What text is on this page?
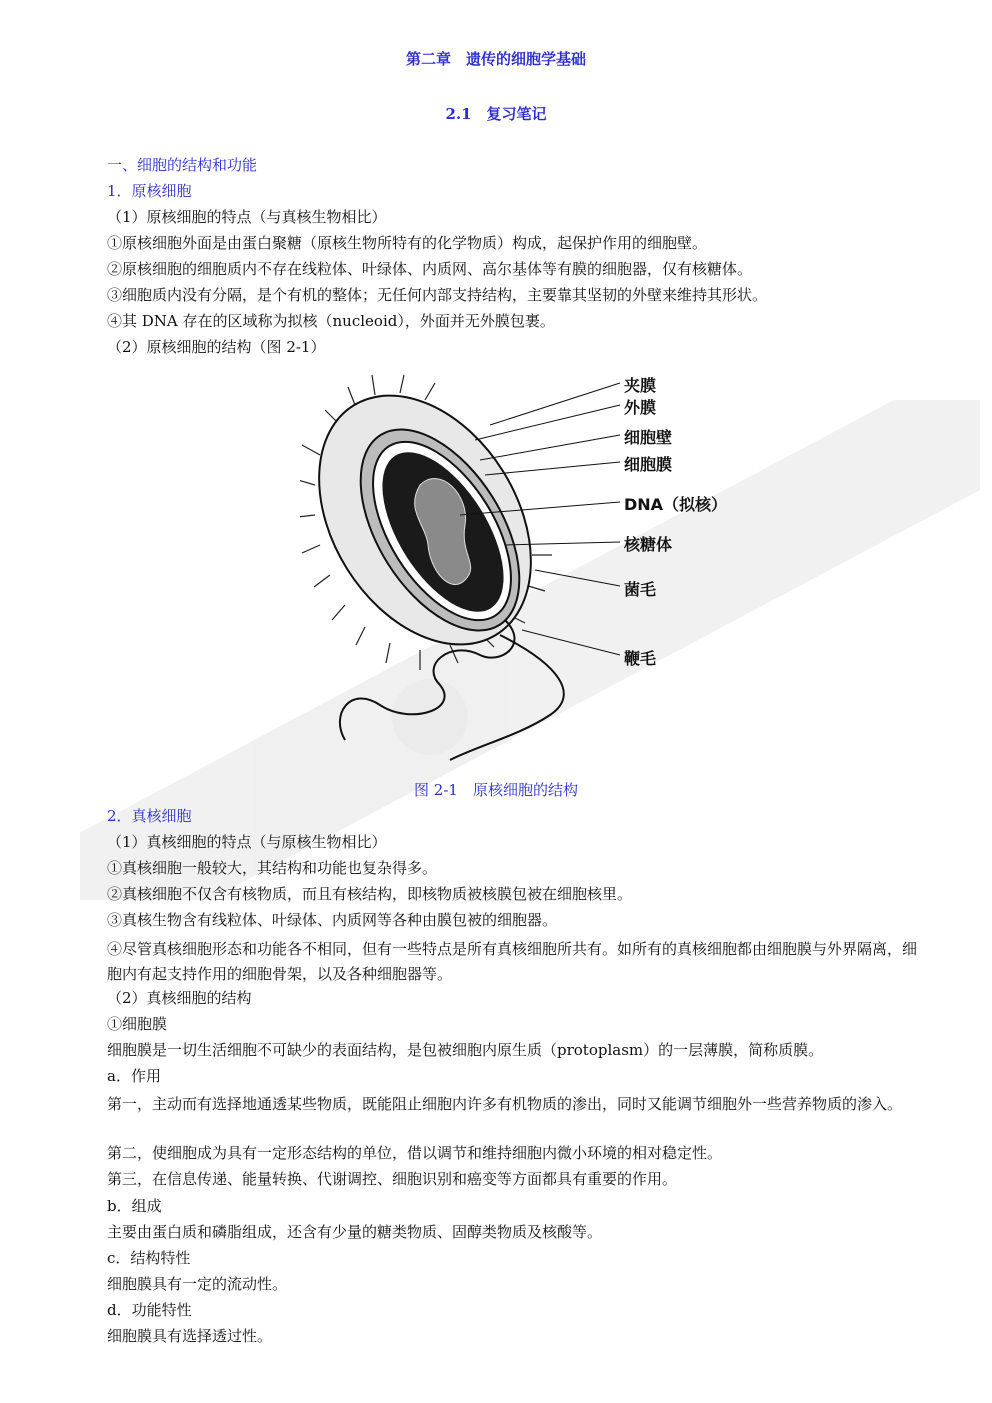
第二章　遗传的细胞学基础
2.1　复习笔记
一、细胞的结构和功能
1．原核细胞
（1）原核细胞的特点（与真核生物相比）
①原核细胞外面是由蛋白聚糖（原核生物所特有的化学物质）构成，起保护作用的细胞壁。
②原核细胞的细胞质内不存在线粒体、叶绿体、内质网、高尔基体等有膜的细胞器，仅有核糖体。
③细胞质内没有分隔，是个有机的整体；无任何内部支持结构，主要靠其坚韧的外壁来维持其形状。
④其 DNA 存在的区域称为拟核（nucleoid），外面并无外膜包裹。
（2）原核细胞的结构（图 2-1）
夹膜
外膜
细胞壁
细胞膜
DNA（拟核）
核糖体
菌毛
鞭毛
图 2-1　原核细胞的结构
2．真核细胞
（1）真核细胞的特点（与原核生物相比）
①真核细胞一般较大，其结构和功能也复杂得多。
②真核细胞不仅含有核物质，而且有核结构，即核物质被核膜包被在细胞核里。
③真核生物含有线粒体、叶绿体、内质网等各种由膜包被的细胞器。
④尽管真核细胞形态和功能各不相同，但有一些特点是所有真核细胞所共有。如所有的真核细胞都由细胞膜与外界隔离，细胞内有起支持作用的细胞骨架，以及各种细胞器等。
（2）真核细胞的结构
①细胞膜
细胞膜是一切生活细胞不可缺少的表面结构，是包被细胞内原生质（protoplasm）的一层薄膜，简称质膜。
a．作用
第一，主动而有选择地通透某些物质，既能阻止细胞内许多有机物质的渗出，同时又能调节细胞外一些营养物质的渗入。
第二，使细胞成为具有一定形态结构的单位，借以调节和维持细胞内微小环境的相对稳定性。
第三，在信息传递、能量转换、代谢调控、细胞识别和癌变等方面都具有重要的作用。
b．组成
主要由蛋白质和磷脂组成，还含有少量的糖类物质、固醇类物质及核酸等。
c．结构特性
细胞膜具有一定的流动性。
d．功能特性
细胞膜具有选择透过性。
